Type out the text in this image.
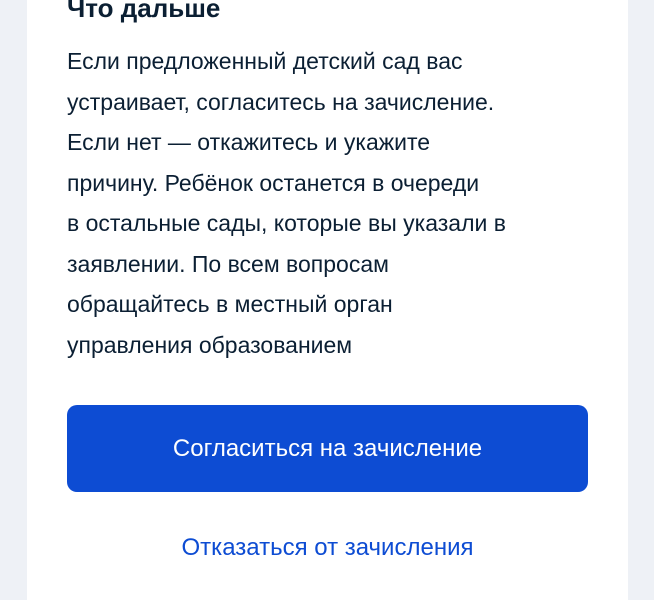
Что дальше

Если предложенный детский сад вас
устраивает, согласитесь на зачисление.
Если нет — откажитесь и укажите
причину. Ребёнок останется в очереди
в остальные сады, которые вы указали в
заявлении. По всем вопросам
обращайтесь в местный орган
управления образованием

Согласиться на зачисление
Отказаться от зачисления
